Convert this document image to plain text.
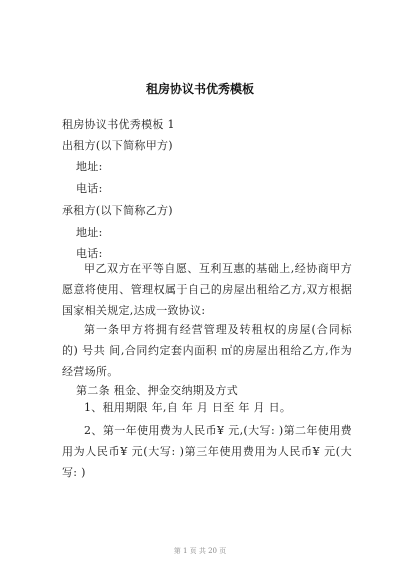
租房协议书优秀模板
租房协议书优秀模板 1
出租方(以下简称甲方)
地址:
电话:
承租方(以下简称乙方)
地址:
电话:
甲乙双方在平等自愿、互利互惠的基础上,经协商甲方愿意将使用、管理权属于自己的房屋出租给乙方,双方根据国家相关规定,达成一致协议:
第一条甲方将拥有经营管理及转租权的房屋(合同标的) 号共 间,合同约定套内面积 ㎡的房屋出租给乙方,作为 经营场所。
第二条 租金、押金交纳期及方式
1、租用期限 年,自 年 月 日至 年 月 日。
2、第一年使用费为人民币¥ 元,(大写: )第二年使用费用为人民币¥ 元(大写: )第三年使用费用为人民币¥ 元(大写: )
第 1 页 共 20 页
